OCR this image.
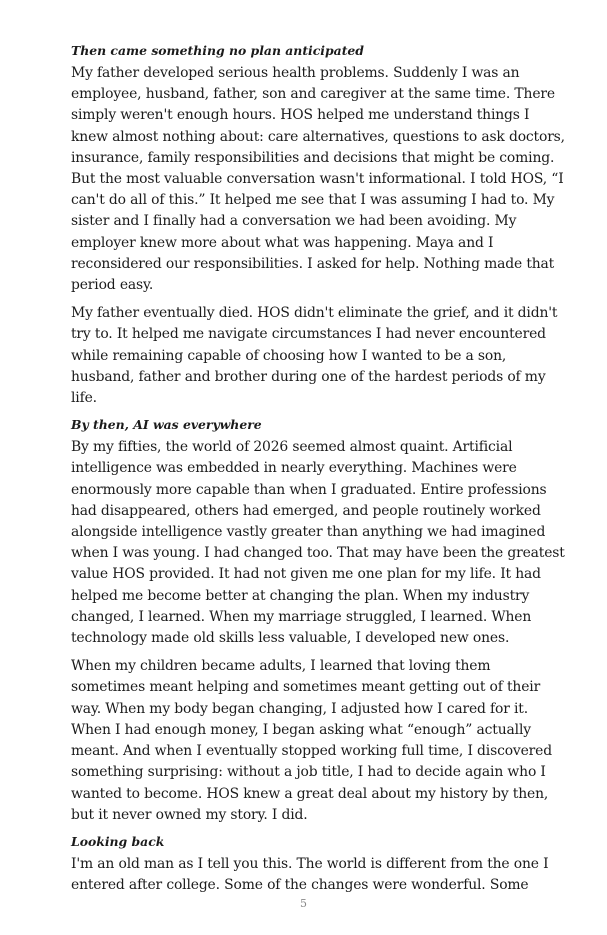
Then came something no plan anticipated

My father developed serious health problems. Suddenly I was an employee, husband, father, son and caregiver at the same time. There simply weren't enough hours. HOS helped me understand things I knew almost nothing about: care alternatives, questions to ask doctors, insurance, family responsibilities and decisions that might be coming. But the most valuable conversation wasn't informational. I told HOS, “I can't do all of this.” It helped me see that I was assuming I had to. My sister and I finally had a conversation we had been avoiding. My employer knew more about what was happening. Maya and I reconsidered our responsibilities. I asked for help. Nothing made that period easy.

My father eventually died. HOS didn't eliminate the grief, and it didn't try to. It helped me navigate circumstances I had never encountered while remaining capable of choosing how I wanted to be a son, husband, father and brother during one of the hardest periods of my life.

By then, AI was everywhere

By my fifties, the world of 2026 seemed almost quaint. Artificial intelligence was embedded in nearly everything. Machines were enormously more capable than when I graduated. Entire professions had disappeared, others had emerged, and people routinely worked alongside intelligence vastly greater than anything we had imagined when I was young. I had changed too. That may have been the greatest value HOS provided. It had not given me one plan for my life. It had helped me become better at changing the plan. When my industry changed, I learned. When my marriage struggled, I learned. When technology made old skills less valuable, I developed new ones.

When my children became adults, I learned that loving them sometimes meant helping and sometimes meant getting out of their way. When my body began changing, I adjusted how I cared for it. When I had enough money, I began asking what “enough” actually meant. And when I eventually stopped working full time, I discovered something surprising: without a job title, I had to decide again who I wanted to become. HOS knew a great deal about my history by then, but it never owned my story. I did.

Looking back

I'm an old man as I tell you this. The world is different from the one I entered after college. Some of the changes were wonderful. Some

5
